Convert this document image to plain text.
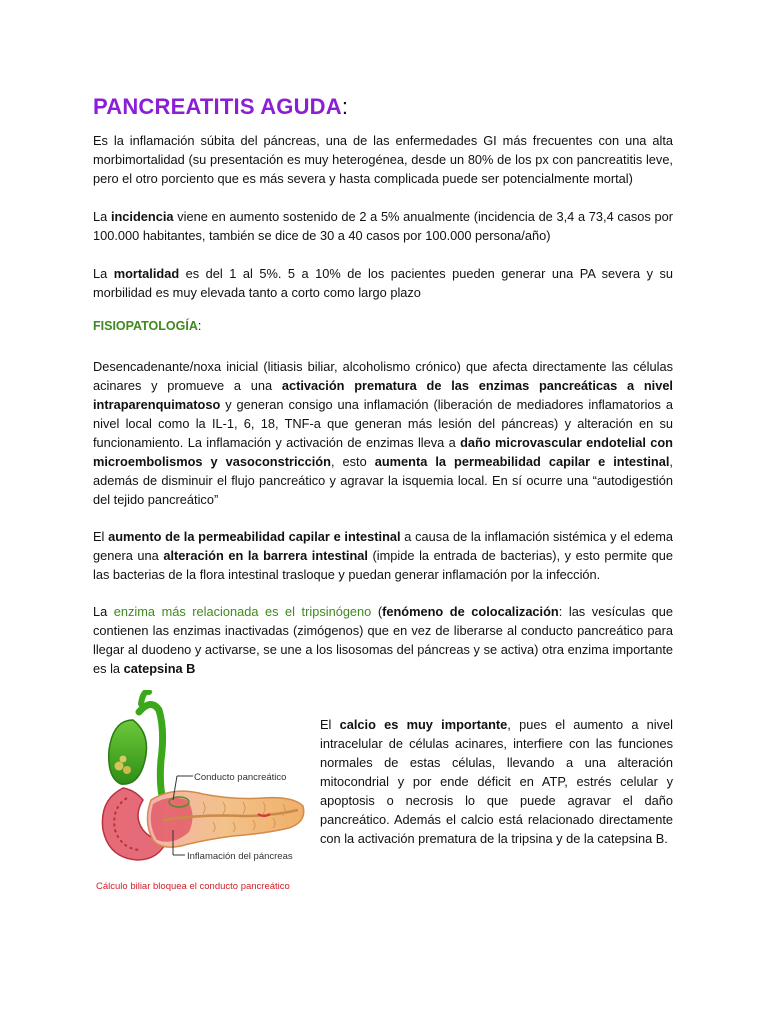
PANCREATITIS AGUDA:

Es la inflamación súbita del páncreas, una de las enfermedades GI más frecuentes con una alta morbimortalidad (su presentación es muy heterogénea, desde un 80% de los px con pancreatitis leve, pero el otro porciento que es más severa y hasta complicada puede ser potencialmente mortal)

La incidencia viene en aumento sostenido de 2 a 5% anualmente (incidencia de 3,4 a 73,4 casos por 100.000 habitantes, también se dice de 30 a 40 casos por 100.000 persona/año)

La mortalidad es del 1 al 5%. 5 a 10% de los pacientes pueden generar una PA severa y su morbilidad es muy elevada tanto a corto como largo plazo

FISIOPATOLOGÍA:

Desencadenante/noxa inicial (litiasis biliar, alcoholismo crónico) que afecta directamente las células acinares y promueve a una activación prematura de las enzimas pancreáticas a nivel intraparenquimatoso y generan consigo una inflamación (liberación de mediadores inflamatorios a nivel local como la IL-1, 6, 18, TNF-a que generan más lesión del páncreas) y alteración en su funcionamiento. La inflamación y activación de enzimas lleva a daño microvascular endotelial con microembolismos y vasoconstricción, esto aumenta la permeabilidad capilar e intestinal, además de disminuir el flujo pancreático y agravar la isquemia local. En sí ocurre una “autodigestión del tejido pancreático”

El aumento de la permeabilidad capilar e intestinal a causa de la inflamación sistémica y el edema genera una alteración en la barrera intestinal (impide la entrada de bacterias), y esto permite que las bacterias de la flora intestinal trasloque y puedan generar inflamación por la infección.

La enzima más relacionada es el tripsinógeno (fenómeno de colocalización: las vesículas que contienen las enzimas inactivadas (zimógenos) que en vez de liberarse al conducto pancreático para llegar al duodeno y activarse, se une a los lisosomas del páncreas y se activa) otra enzima importante es la catepsina B

Conducto pancreático
Inflamación del páncreas
Cálculo biliar bloquea el conducto pancreático

El calcio es muy importante, pues el aumento a nivel intracelular de células acinares, interfiere con las funciones normales de estas células, llevando a una alteración mitocondrial y por ende déficit en ATP, estrés celular y apoptosis o necrosis lo que puede agravar el daño pancreático. Además el calcio está relacionado directamente con la activación prematura de la tripsina y de la catepsina B.
